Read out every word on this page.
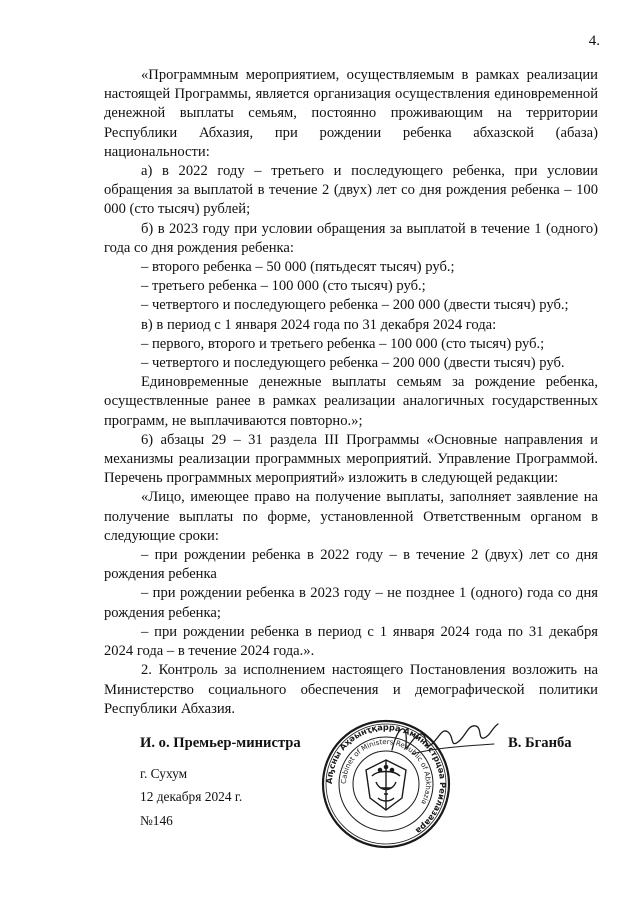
4.

«Программным мероприятием, осуществляемым в рамках реализации настоящей Программы, является организация осуществления единовременной денежной выплаты семьям, постоянно проживающим на территории Республики Абхазия, при рождении ребенка абхазской (абаза) национальности:

а) в 2022 году – третьего и последующего ребенка, при условии обращения за выплатой в течение 2 (двух) лет со дня рождения ребенка – 100 000 (сто тысяч) рублей;

б) в 2023 году при условии обращения за выплатой в течение 1 (одного) года со дня рождения ребенка:

– второго ребенка – 50 000 (пятьдесят тысяч) руб.;

– третьего ребенка – 100 000 (сто тысяч) руб.;

– четвертого и последующего ребенка – 200 000 (двести тысяч) руб.;

в) в период с 1 января 2024 года по 31 декабря 2024 года:

– первого, второго и третьего ребенка – 100 000 (сто тысяч) руб.;

– четвертого и последующего ребенка – 200 000 (двести тысяч) руб.

Единовременные денежные выплаты семьям за рождение ребенка, осуществленные ранее в рамках реализации аналогичных государственных программ, не выплачиваются повторно.»;

6) абзацы 29 – 31 раздела III Программы «Основные направления и механизмы реализации программных мероприятий. Управление Программой. Перечень программных мероприятий» изложить в следующей редакции:

«Лицо, имеющее право на получение выплаты, заполняет заявление на получение выплаты по форме, установленной Ответственным органом в следующие сроки:

– при рождении ребенка в 2022 году – в течение 2 (двух) лет со дня рождения ребенка

– при рождении ребенка в 2023 году – не позднее 1 (одного) года со дня рождения ребенка;

– при рождении ребенка в период с 1 января 2024 года по 31 декабря 2024 года – в течение 2024 года.».

2. Контроль за исполнением настоящего Постановления возложить на Министерство социального обеспечения и демографической политики Республики Абхазия.

И. о. Премьер-министра	В. Бганба
г. Сухум
12 декабря 2024 г.
№146
Аҧсны Аҳәынҭқарра Аминистрцәа Реилазаара
Cabinet of Ministers Republic of Abkhazia
